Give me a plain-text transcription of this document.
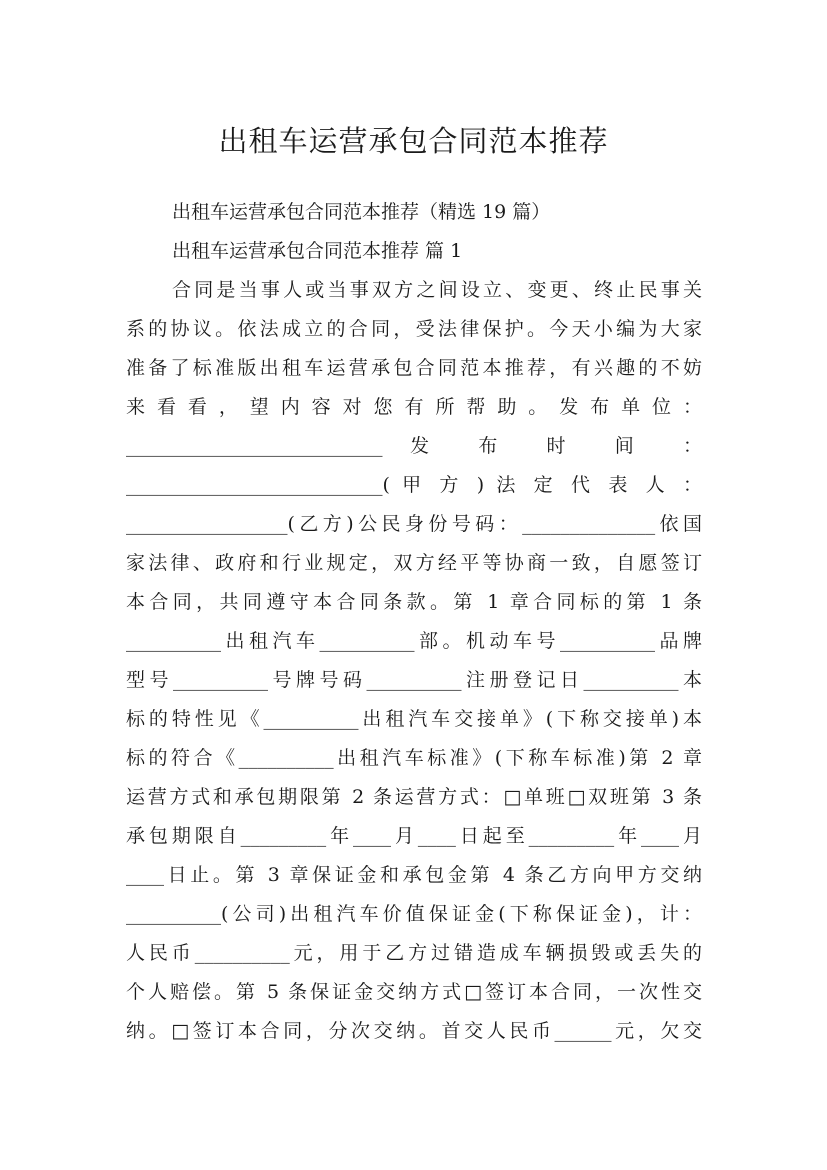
出租车运营承包合同范本推荐
出租车运营承包合同范本推荐（精选 19 篇）
出租车运营承包合同范本推荐 篇 1
合同是当事人或当事双方之间设立、变更、终止民事关
系的协议。依法成立的合同，受法律保护。今天小编为大家
准备了标准版出租车运营承包合同范本推荐，有兴趣的不妨
来 看 看 ， 望 内 容 对 您 有 所 帮 助 。 发 布 单 位 ：
___________________________ 发 布 时 间 ：
___________________________( 甲 方 ) 法 定 代 表 人 ：
_________________(乙方)公民身份号码：______________依国
家法律、政府和行业规定，双方经平等协商一致，自愿签订
本合同，共同遵守本合同条款。第 1 章合同标的第 1 条
__________出租汽车__________部。机动车号__________品牌
型号__________号牌号码__________注册登记日__________本
标的特性见《__________出租汽车交接单》(下称交接单)本
标的符合《__________出租汽车标准》(下称车标准)第 2 章
运营方式和承包期限第 2 条运营方式：□单班□双班第 3 条
承包期限自_________年____月____日起至_________年____月
____日止。第 3 章保证金和承包金第 4 条乙方向甲方交纳
__________(公司)出租汽车价值保证金(下称保证金)，计：
人民币__________元，用于乙方过错造成车辆损毁或丢失的
个人赔偿。第 5 条保证金交纳方式□签订本合同，一次性交
纳。□签订本合同，分次交纳。首交人民币______元，欠交
